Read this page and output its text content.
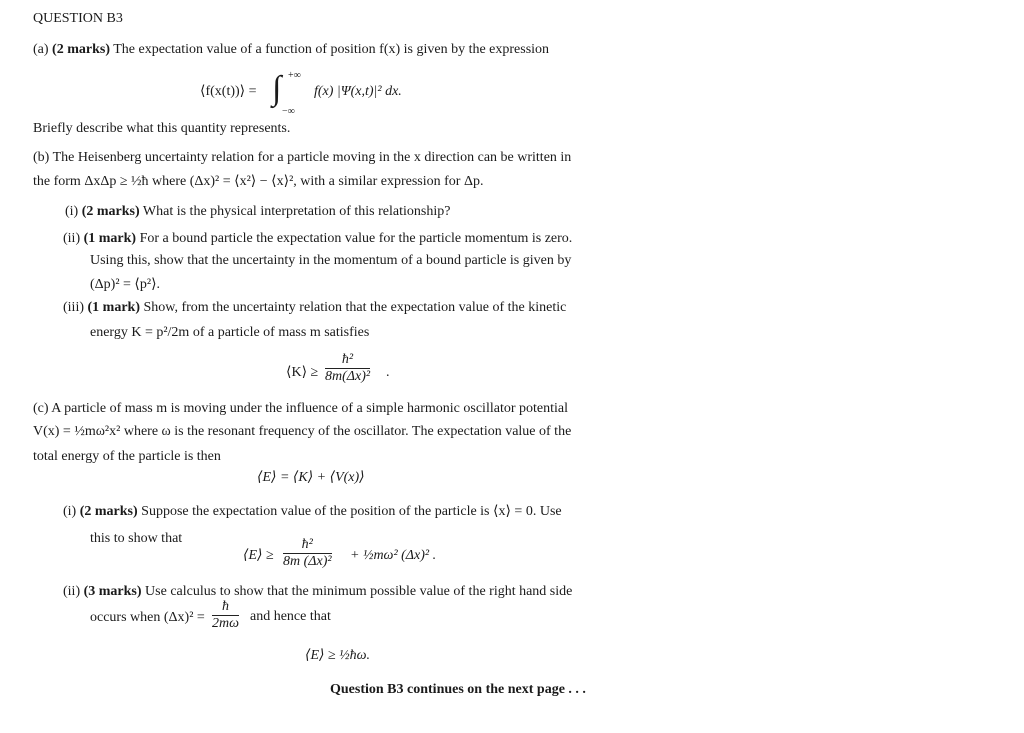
QUESTION B3
(a) (2 marks) The expectation value of a function of position f(x) is given by the expression
⟨f(x(t))⟩ = ∫ +∞
−∞
f(x) |Ψ(x,t)|² dx.
Briefly describe what this quantity represents.
(b) The Heisenberg uncertainty relation for a particle moving in the x direction can be written in
the form ΔxΔp ≥ ½ħ where (Δx)² = ⟨x²⟩ − ⟨x⟩², with a similar expression for Δp.
(i) (2 marks) What is the physical interpretation of this relationship?
(ii) (1 mark) For a bound particle the expectation value for the particle momentum is zero.
Using this, show that the uncertainty in the momentum of a bound particle is given by
(Δp)² = ⟨p²⟩.
(iii) (1 mark) Show, from the uncertainty relation that the expectation value of the kinetic
energy K = p²/2m of a particle of mass m satisfies
⟨K⟩ ≥ $\frac{\text{ħ²}}{\text{8m(Δx)²}}$ .
(c) A particle of mass m is moving under the influence of a simple harmonic oscillator potential
V(x) = ½mω²x² where ω is the resonant frequency of the oscillator. The expectation value of the
total energy of the particle is then
⟨E⟩ = ⟨K⟩ + ⟨V(x)⟩
(i) (2 marks) Suppose the expectation value of the position of the particle is ⟨x⟩ = 0. Use
this to show that
⟨E⟩ ≥ $\frac{\text{ħ²}}{\text{8m (Δx)²}}$ + ½mω² (Δx)² .
(ii) (3 marks) Use calculus to show that the minimum possible value of the right hand side
occurs when $(\Delta x)^2 = \frac{ħ}{2m\omega}$ and hence that
⟨E⟩ ≥ ½ħω.
Question B3 continues on the next page . . .
